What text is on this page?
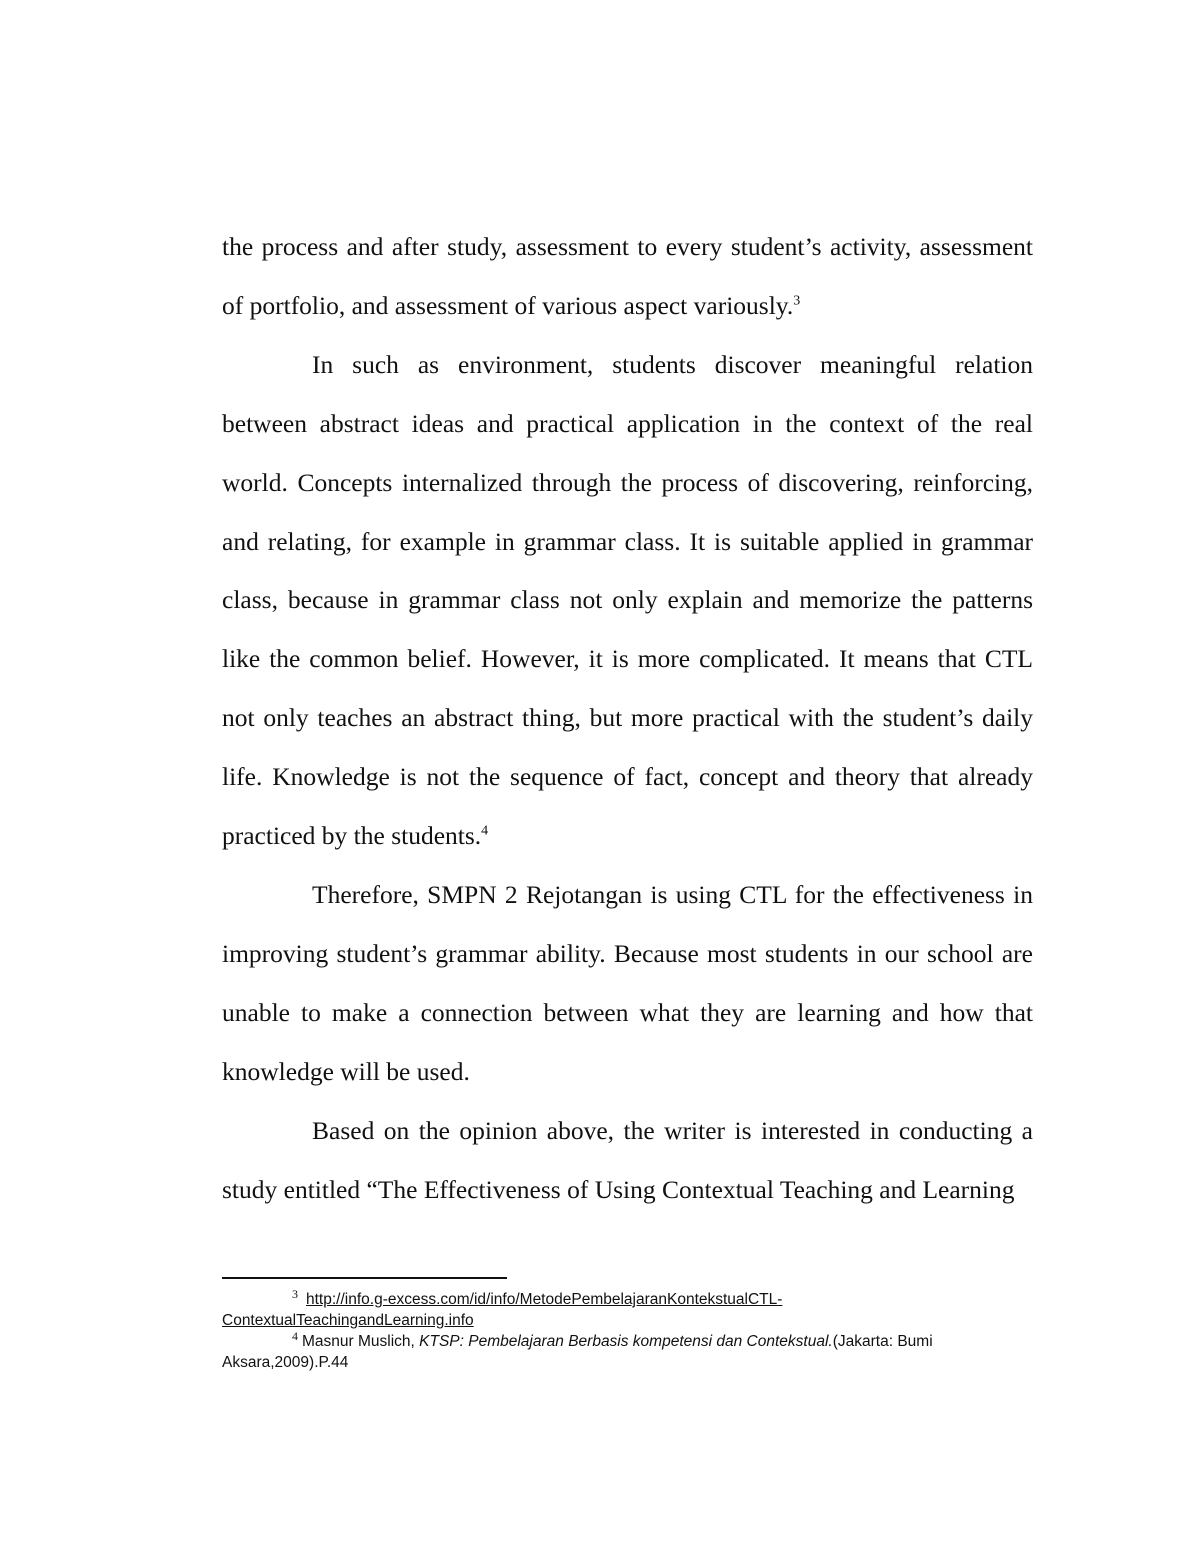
the process and after study, assessment to every student’s activity, assessment of portfolio, and assessment of various aspect variously.$^3$

In such as environment, students discover meaningful relation between abstract ideas and practical application in the context of the real world. Concepts internalized through the process of discovering, reinforcing, and relating, for example in grammar class. It is suitable applied in grammar class, because in grammar class not only explain and memorize the patterns like the common belief. However, it is more complicated. It means that CTL not only teaches an abstract thing, but more practical with the student’s daily life. Knowledge is not the sequence of fact, concept and theory that already practiced by the students.$^4$

Therefore, SMPN 2 Rejotangan is using CTL for the effectiveness in improving student’s grammar ability. Because most students in our school are unable to make a connection between what they are learning and how that knowledge will be used.

Based on the opinion above, the writer is interested in conducting a study entitled “The Effectiveness of Using Contextual Teaching and Learning

$^3$ http://info.g-excess.com/id/info/MetodePembelajaranKontekstualCTL-ContextualTeachingandLearning.info

$^4$ Masnur Muslich, KTSP: Pembelajaran Berbasis kompetensi dan Contekstual.(Jakarta: Bumi Aksara,2009).P.44
